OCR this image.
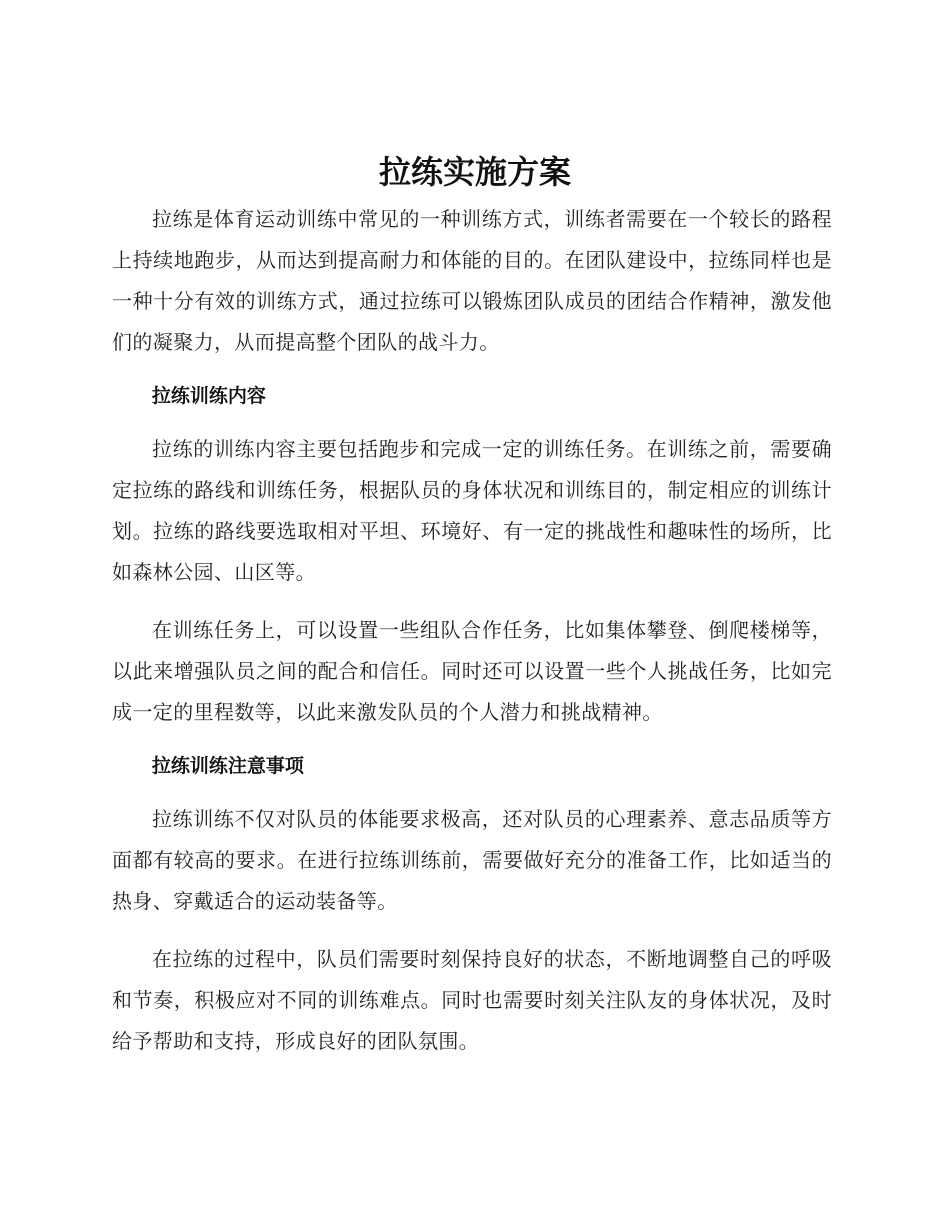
拉练实施方案

拉练是体育运动训练中常见的一种训练方式，训练者需要在一个较长的路程上持续地跑步，从而达到提高耐力和体能的目的。在团队建设中，拉练同样也是一种十分有效的训练方式，通过拉练可以锻炼团队成员的团结合作精神，激发他们的凝聚力，从而提高整个团队的战斗力。

拉练训练内容

拉练的训练内容主要包括跑步和完成一定的训练任务。在训练之前，需要确定拉练的路线和训练任务，根据队员的身体状况和训练目的，制定相应的训练计划。拉练的路线要选取相对平坦、环境好、有一定的挑战性和趣味性的场所，比如森林公园、山区等。

在训练任务上，可以设置一些组队合作任务，比如集体攀登、倒爬楼梯等，以此来增强队员之间的配合和信任。同时还可以设置一些个人挑战任务，比如完成一定的里程数等，以此来激发队员的个人潜力和挑战精神。

拉练训练注意事项

拉练训练不仅对队员的体能要求极高，还对队员的心理素养、意志品质等方面都有较高的要求。在进行拉练训练前，需要做好充分的准备工作，比如适当的热身、穿戴适合的运动装备等。

在拉练的过程中，队员们需要时刻保持良好的状态，不断地调整自己的呼吸和节奏，积极应对不同的训练难点。同时也需要时刻关注队友的身体状况，及时给予帮助和支持，形成良好的团队氛围。
